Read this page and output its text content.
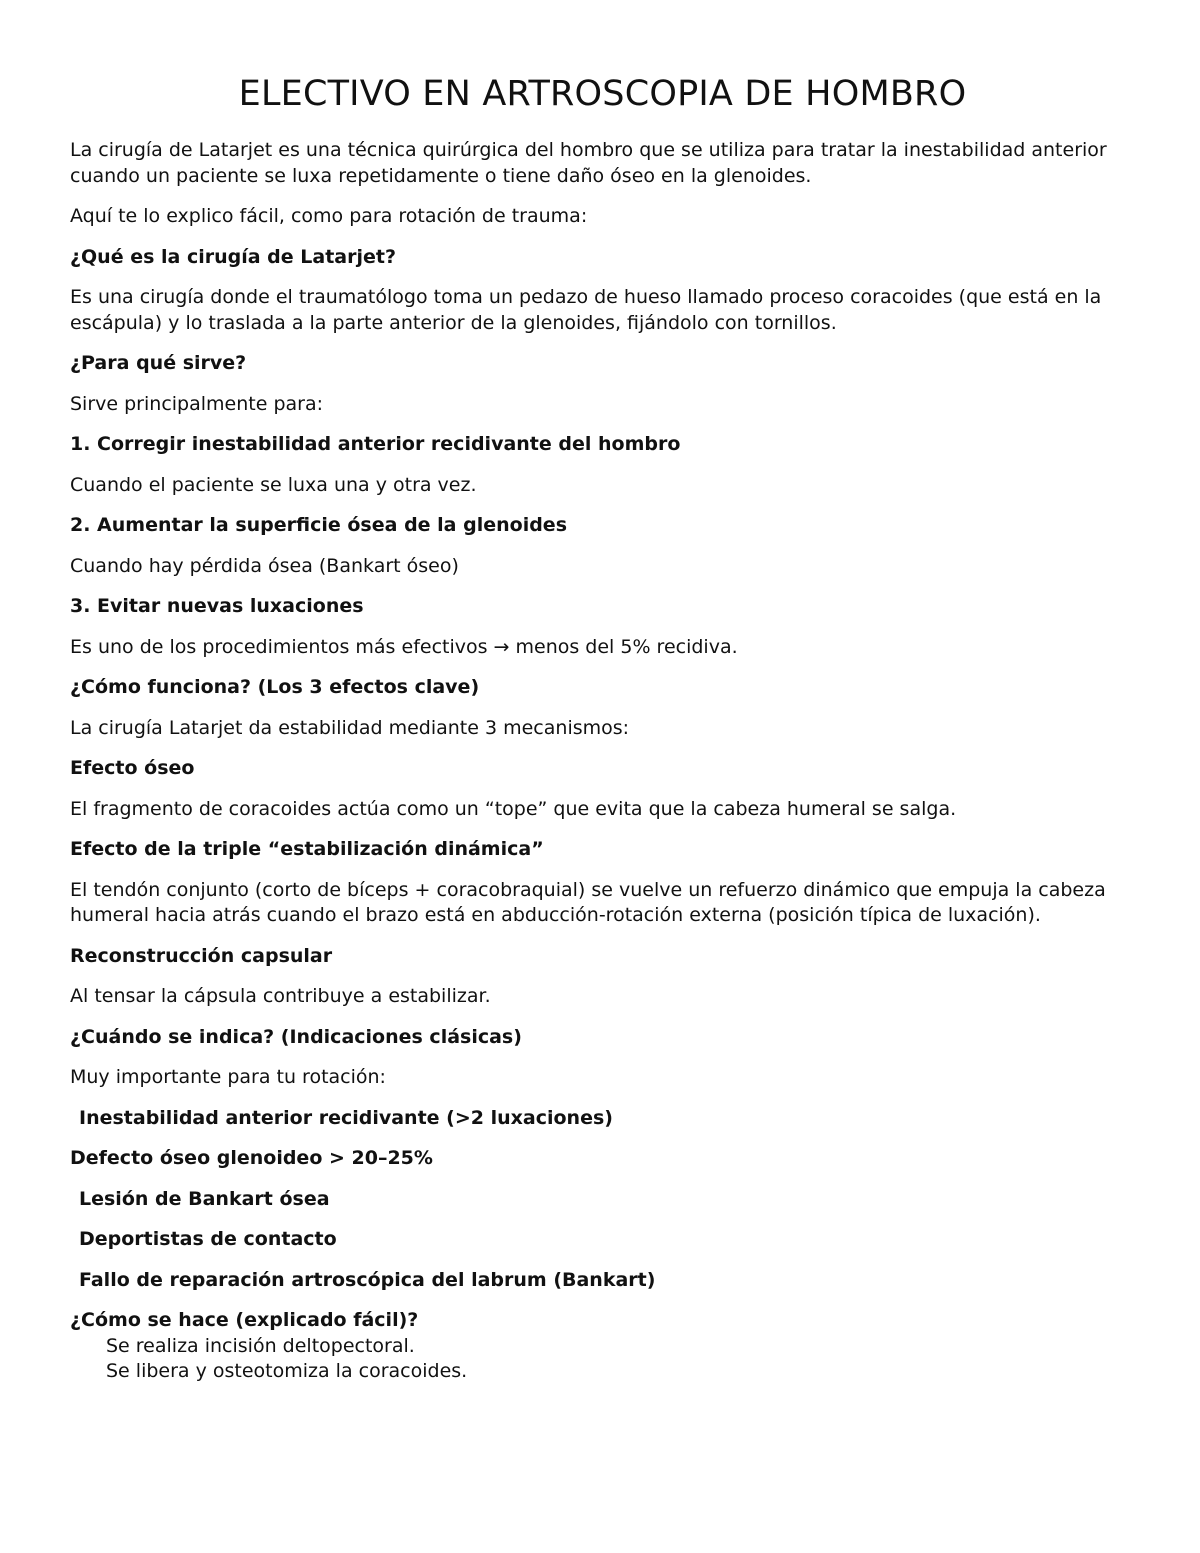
ELECTIVO EN ARTROSCOPIA DE HOMBRO
La cirugía de Latarjet es una técnica quirúrgica del hombro que se utiliza para tratar la inestabilidad anterior cuando un paciente se luxa repetidamente o tiene daño óseo en la glenoides.
Aquí te lo explico fácil, como para rotación de trauma:
¿Qué es la cirugía de Latarjet?
Es una cirugía donde el traumatólogo toma un pedazo de hueso llamado proceso coracoides (que está en la escápula) y lo traslada a la parte anterior de la glenoides, fijándolo con tornillos.
¿Para qué sirve?
Sirve principalmente para:
1. Corregir inestabilidad anterior recidivante del hombro
Cuando el paciente se luxa una y otra vez.
2. Aumentar la superficie ósea de la glenoides
Cuando hay pérdida ósea (Bankart óseo)
3. Evitar nuevas luxaciones
Es uno de los procedimientos más efectivos → menos del 5% recidiva.
¿Cómo funciona? (Los 3 efectos clave)
La cirugía Latarjet da estabilidad mediante 3 mecanismos:
Efecto óseo
El fragmento de coracoides actúa como un “tope” que evita que la cabeza humeral se salga.
Efecto de la triple “estabilización dinámica”
El tendón conjunto (corto de bíceps + coracobraquial) se vuelve un refuerzo dinámico que empuja la cabeza humeral hacia atrás cuando el brazo está en abducción-rotación externa (posición típica de luxación).
Reconstrucción capsular
Al tensar la cápsula contribuye a estabilizar.
¿Cuándo se indica? (Indicaciones clásicas)
Muy importante para tu rotación:
Inestabilidad anterior recidivante (>2 luxaciones)
Defecto óseo glenoideo > 20–25%
Lesión de Bankart ósea
Deportistas de contacto
Fallo de reparación artroscópica del labrum (Bankart)
¿Cómo se hace (explicado fácil)?
Se realiza incisión deltopectoral.
Se libera y osteotomiza la coracoides.
